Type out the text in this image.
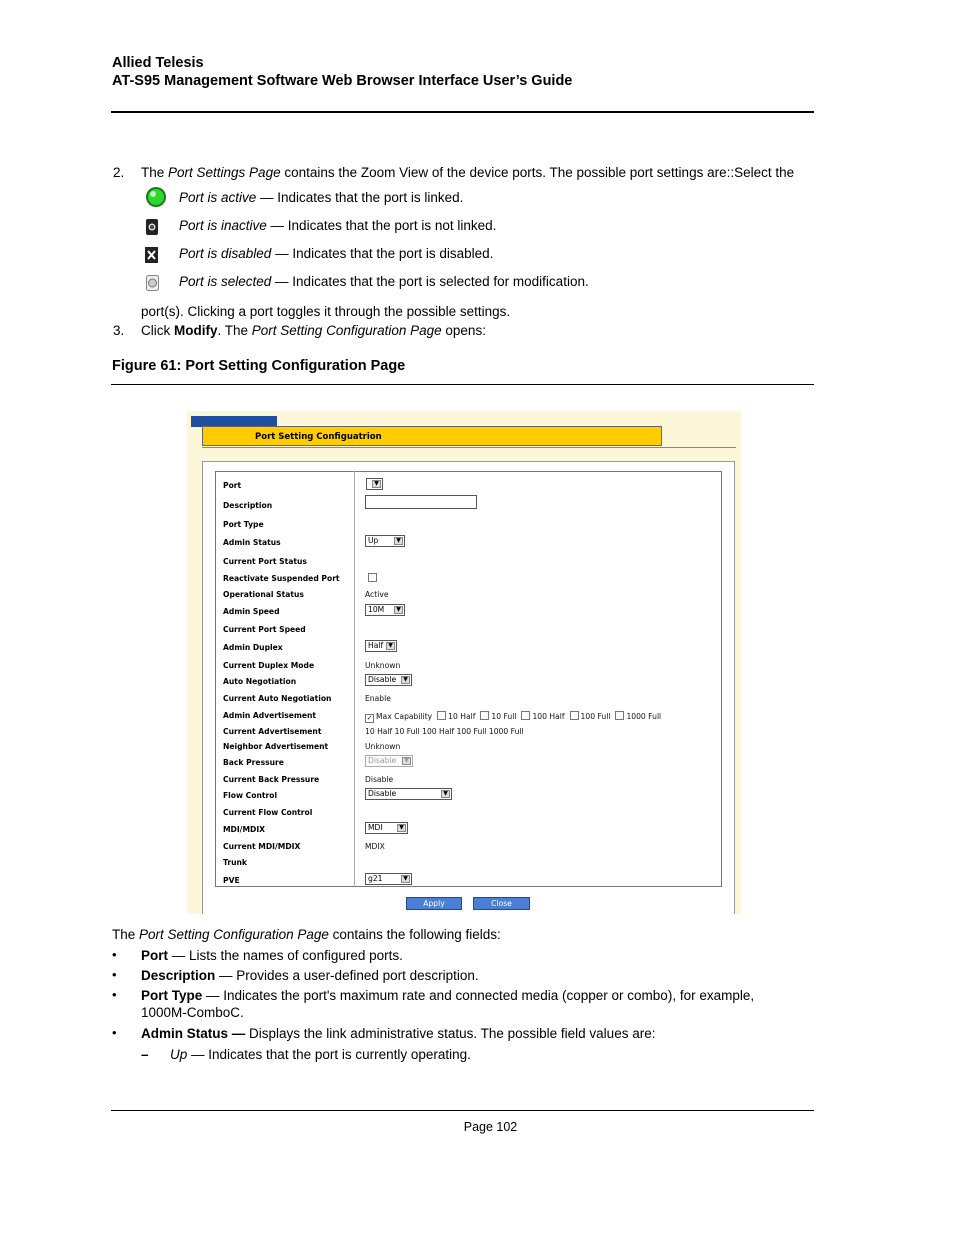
Allied Telesis
AT-S95 Management Software Web Browser Interface User’s Guide
2. The Port Settings Page contains the Zoom View of the device ports. The possible port settings are::Select the
Port is active — Indicates that the port is linked.
Port is inactive — Indicates that the port is not linked.
Port is disabled — Indicates that the port is disabled.
Port is selected — Indicates that the port is selected for modification.
port(s). Clicking a port toggles it through the possible settings.
3. Click Modify. The Port Setting Configuration Page opens:
Figure 61: Port Setting Configuration Page
Port Setting Configuatrion
Port	▼
Description
Port Type
Admin Status	Up	▼
Current Port Status
Reactivate Suspended Port
Operational Status	Active
Admin Speed	10M	▼
Current Port Speed
Admin Duplex	Half ▼
Current Duplex Mode	Unknown
Auto Negotiation	Disable	▼
Current Auto Negotiation	Enable
Admin Advertisement	✓ Max Capability 10 Half 10 Full 100 Half 100 Full 1000 Full
Current Advertisement	10 Half 10 Full 100 Half 100 Full 1000 Full
Neighbor Advertisement	Unknown
Back Pressure	Disable	▼
Current Back Pressure	Disable
Flow Control	Disable	▼
Current Flow Control
MDI/MDIX	MDI	▼
Current MDI/MDIX	MDIX
Trunk
PVE	g21	▼
Apply	Close
The Port Setting Configuration Page contains the following fields:
• Port — Lists the names of configured ports.
• Description — Provides a user-defined port description.
• Port Type — Indicates the port's maximum rate and connected media (copper or combo), for example,
1000M-ComboC.
• Admin Status — Displays the link administrative status. The possible field values are:
– Up — Indicates that the port is currently operating.
Page 102
